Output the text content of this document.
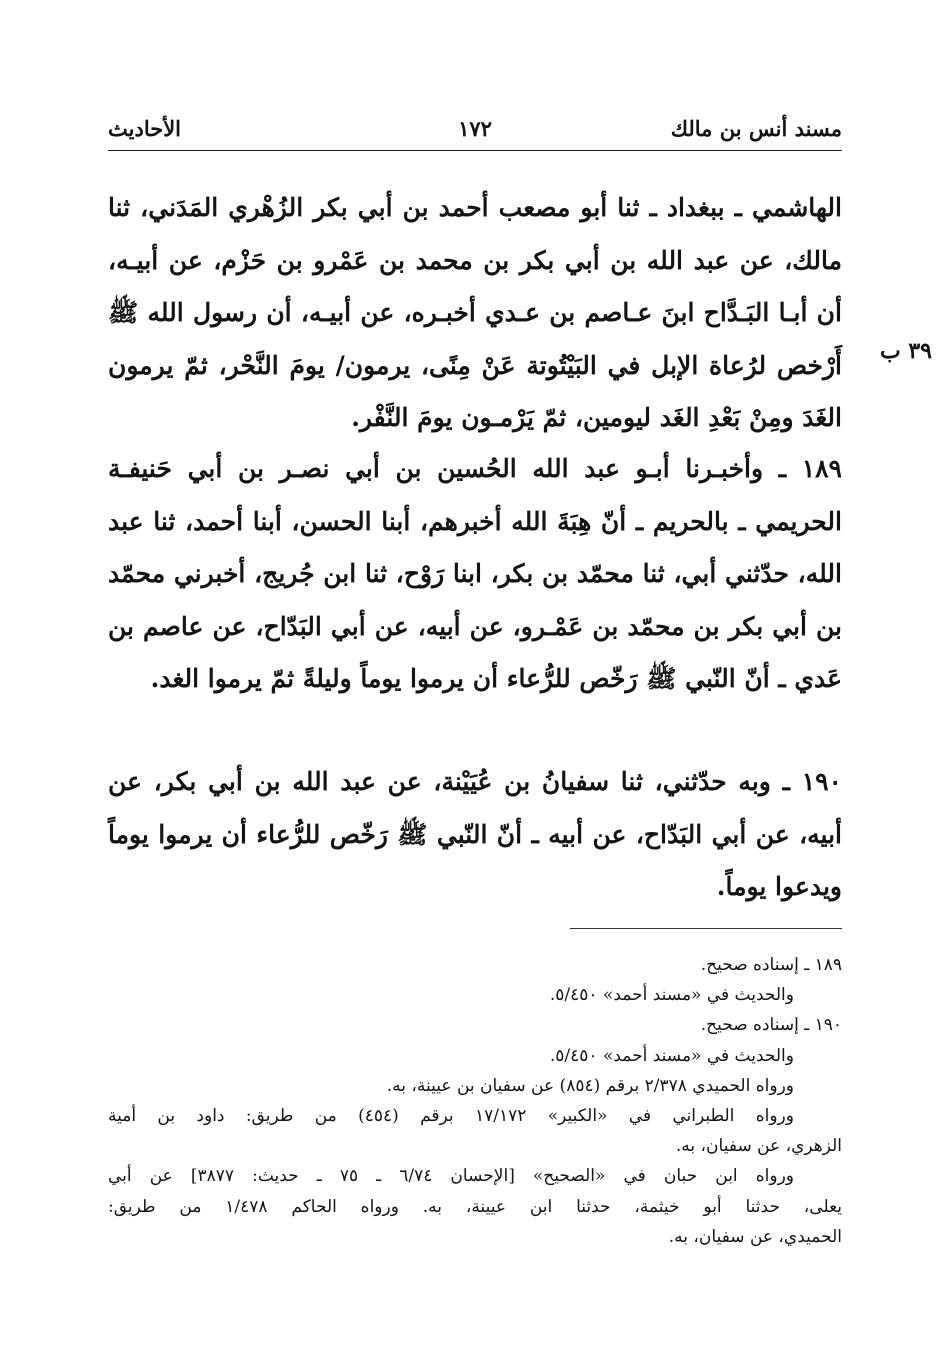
مسند أنس بن مالك
١٧٢
الأحاديث
٣٩ ب

الهاشمي ـ ببغداد ـ ثنا أبو مصعب أحمد بن أبي بكر الزُهْري المَدَني، ثنا مالك، عن عبد الله بن أبي بكر بن محمد بن عَمْرو بن حَزْم، عن أبيـه، أن أبـا البَـدَّاح ابنَ عـاصم بن عـدي أخبـره، عن أبيـه، أن رسول الله ﷺ أَرْخص لرُعاة الإبل في البَيْتُوتة عَنْ مِنًى، يرمون/ يومَ النَّحْر، ثمّ يرمون الغَدَ ومِنْ بَعْدِ الغَد ليومين، ثمّ يَرْمـون يومَ النَّفْر.

١٨٩ ـ وأخبـرنا أبـو عبد الله الحُسين بن أبي نصـر بن أبي حَنيفـة الحريمي ـ بالحريم ـ أنّ هِبَةَ الله أخبرهم، أبنا الحسن، أبنا أحمد، ثنا عبد الله، حدّثني أبي، ثنا محمّد بن بكر، ابنا رَوْح، ثنا ابن جُريج، أخبرني محمّد بن أبي بكر بن محمّد بن عَمْـرو، عن أبيه، عن أبي البَدّاح، عن عاصم بن عَدي ـ أنّ النّبي ﷺ رَخّص للرُّعاء أن يرموا يوماً وليلةً ثمّ يرموا الغد.

١٩٠ ـ وبه حدّثني، ثنا سفيانُ بن عُيَيْنة، عن عبد الله بن أبي بكر، عن أبيه، عن أبي البَدّاح، عن أبيه ـ أنّ النّبي ﷺ رَخّص للرُّعاء أن يرموا يوماً ويدعوا يوماً.

١٨٩ ـ إسناده صحيح.
والحديث في «مسند أحمد» ٥/٤٥٠.
١٩٠ ـ إسناده صحيح.
والحديث في «مسند أحمد» ٥/٤٥٠.
ورواه الحميدي ٢/٣٧٨ برقم (٨٥٤) عن سفيان بن عيينة، به.
ورواه الطبراني في «الكبير» ١٧/١٧٢ برقم (٤٥٤) من طريق: داود بن أمية
الزهري، عن سفيان، به.
ورواه ابن حبان في «الصحيح» [الإحسان ٦/٧٤ ـ ٧٥ ـ حديث: ٣٨٧٧] عن أبي
يعلى، حدثنا أبو خيثمة، حدثنا ابن عيينة، به. ورواه الحاكم ١/٤٧٨ من طريق:
الحميدي، عن سفيان، به.
